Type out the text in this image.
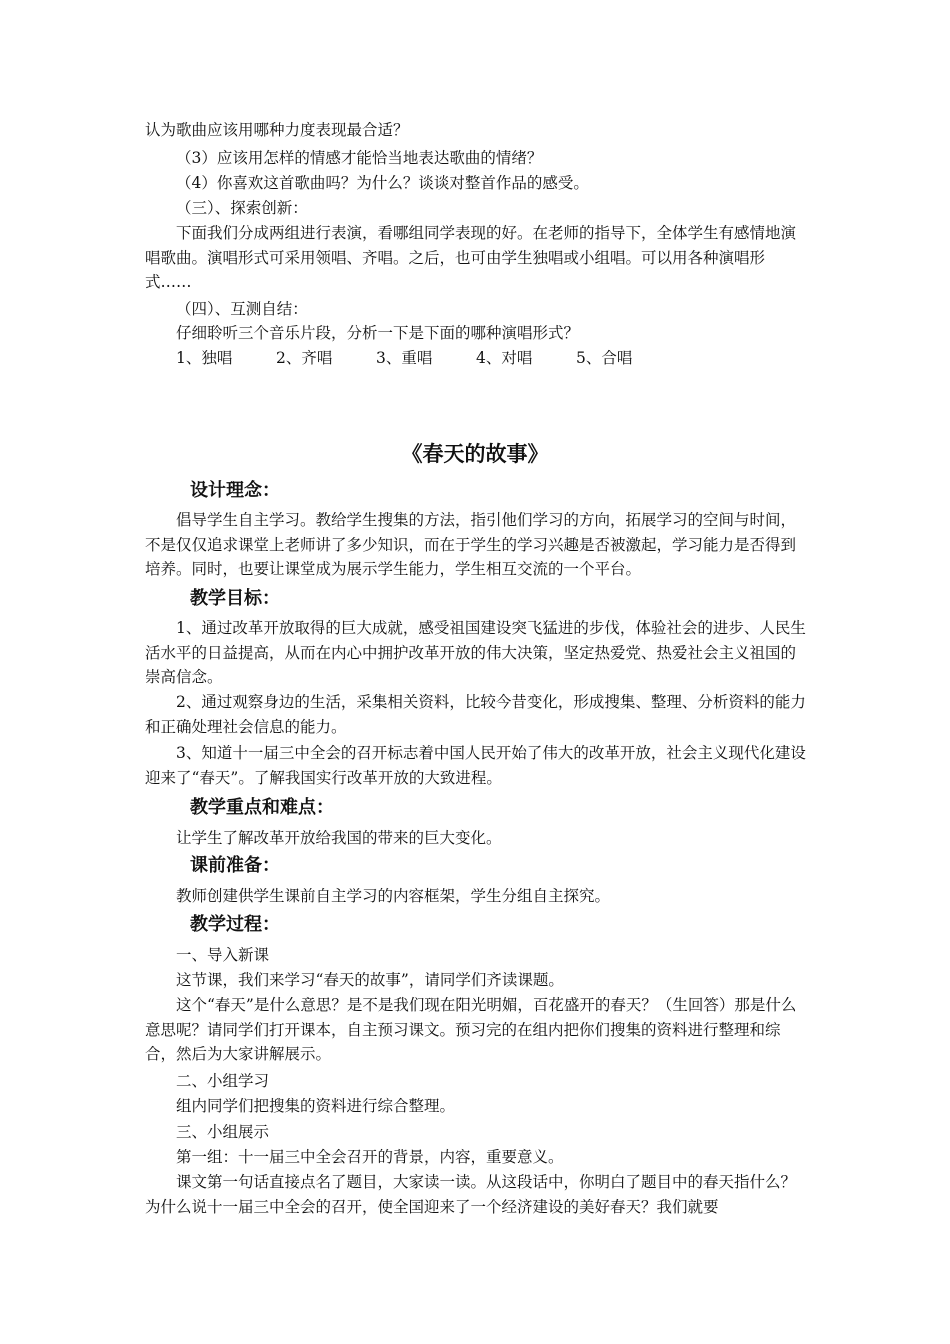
认为歌曲应该用哪种力度表现最合适？

（3）应该用怎样的情感才能恰当地表达歌曲的情绪？

（4）你喜欢这首歌曲吗？为什么？谈谈对整首作品的感受。

（三）、探索创新：

下面我们分成两组进行表演，看哪组同学表现的好。在老师的指导下，全体学生有感情地演唱歌曲。演唱形式可采用领唱、齐唱。之后，也可由学生独唱或小组唱。可以用各种演唱形式……

（四）、互测自结：

仔细聆听三个音乐片段，分析一下是下面的哪种演唱形式？

1、独唱	2、齐唱	3、重唱	4、对唱	5、合唱
《春天的故事》
设计理念：

倡导学生自主学习。教给学生搜集的方法，指引他们学习的方向，拓展学习的空间与时间，不是仅仅追求课堂上老师讲了多少知识，而在于学生的学习兴趣是否被激起，学习能力是否得到培养。同时，也要让课堂成为展示学生能力，学生相互交流的一个平台。

教学目标：

1、通过改革开放取得的巨大成就，感受祖国建设突飞猛进的步伐，体验社会的进步、人民生活水平的日益提高，从而在内心中拥护改革开放的伟大决策，坚定热爱党、热爱社会主义祖国的崇高信念。

2、通过观察身边的生活，采集相关资料，比较今昔变化，形成搜集、整理、分析资料的能力和正确处理社会信息的能力。

3、知道十一届三中全会的召开标志着中国人民开始了伟大的改革开放，社会主义现代化建设迎来了“春天”。了解我国实行改革开放的大致进程。

教学重点和难点：

让学生了解改革开放给我国的带来的巨大变化。

课前准备：

教师创建供学生课前自主学习的内容框架，学生分组自主探究。

教学过程：

一、导入新课

这节课，我们来学习“春天的故事”，请同学们齐读课题。

这个“春天”是什么意思？是不是我们现在阳光明媚，百花盛开的春天？（生回答）那是什么意思呢？请同学们打开课本，自主预习课文。预习完的在组内把你们搜集的资料进行整理和综合，然后为大家讲解展示。

二、小组学习

组内同学们把搜集的资料进行综合整理。

三、小组展示

第一组：十一届三中全会召开的背景，内容，重要意义。

课文第一句话直接点名了题目，大家读一读。从这段话中，你明白了题目中的春天指什么？为什么说十一届三中全会的召开，使全国迎来了一个经济建设的美好春天？我们就要
